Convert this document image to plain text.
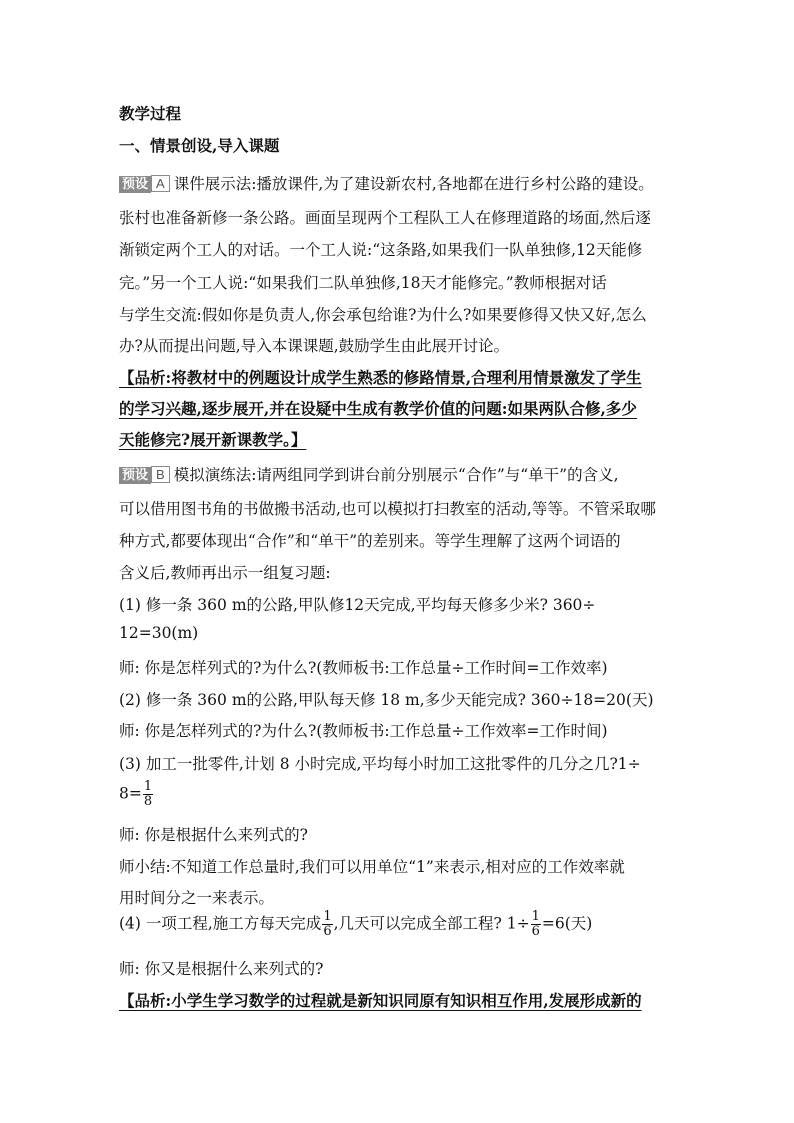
教学过程
一、情景创设,导入课题
预设 A 课件展示法:播放课件,为了建设新农村,各地都在进行乡村公路的建设。
张村也准备新修一条公路。画面呈现两个工程队工人在修理道路的场面,然后逐
渐锁定两个工人的对话。一个工人说:“这条路,如果我们一队单独修,12天能修
完。”另一个工人说:“如果我们二队单独修,18天才能修完。”教师根据对话
与学生交流:假如你是负责人,你会承包给谁?为什么?如果要修得又快又好,怎么
办?从而提出问题,导入本课课题,鼓励学生由此展开讨论。
【品析:将教材中的例题设计成学生熟悉的修路情景,合理利用情景激发了学生
的学习兴趣,逐步展开,并在设疑中生成有教学价值的问题:如果两队合修,多少
天能修完?展开新课教学。】
预设 B 模拟演练法:请两组同学到讲台前分别展示“合作”与“单干”的含义,
可以借用图书角的书做搬书活动,也可以模拟打扫教室的活动,等等。不管采取哪
种方式,都要体现出“合作”和“单干”的差别来。等学生理解了这两个词语的
含义后,教师再出示一组复习题:
(1) 修一条 360 m的公路,甲队修12天完成,平均每天修多少米? 360÷
12=30(m)
师: 你是怎样列式的?为什么?(教师板书:工作总量÷工作时间=工作效率)
(2) 修一条 360 m的公路,甲队每天修 18 m,多少天能完成? 360÷18=20(天)
师: 你是怎样列式的?为什么?(教师板书:工作总量÷工作效率=工作时间)
(3) 加工一批零件,计划 8 小时完成,平均每小时加工这批零件的几分之几?1÷
$8= \frac{1}{8}$
师: 你是根据什么来列式的?
师小结:不知道工作总量时,我们可以用单位“1”来表示,相对应的工作效率就
用时间分之一来表示。
(4) 一项工程,施工方每天完成 $\frac{1}{6}$ ,几天可以完成全部工程? $1\div \frac{1}{6} =6$(天)
师: 你又是根据什么来列式的?
【品析:小学生学习数学的过程就是新知识同原有知识相互作用,发展形成新的
